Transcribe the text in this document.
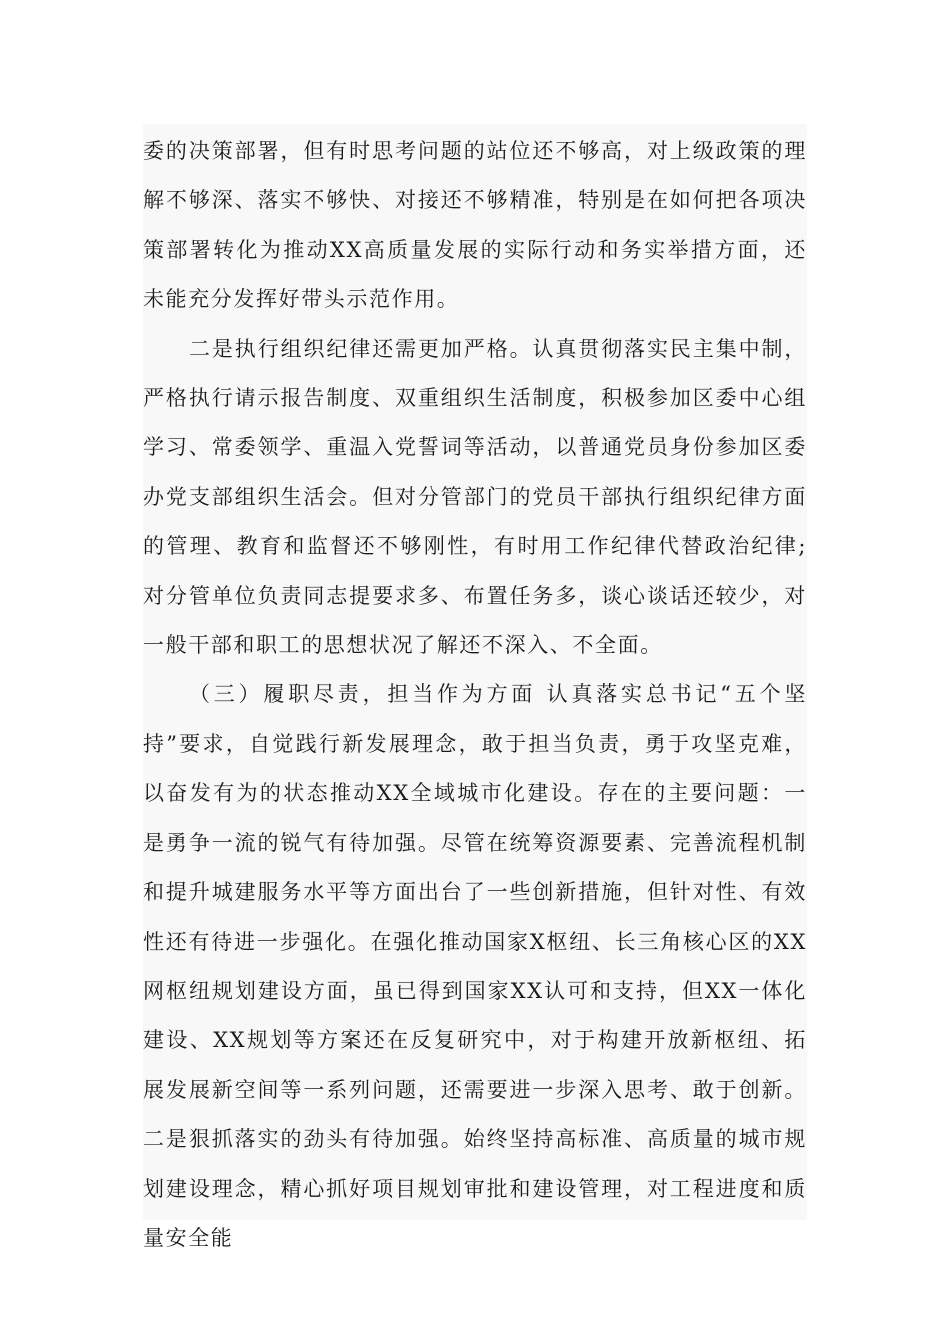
委的决策部署，但有时思考问题的站位还不够高，对上级政策的理解不够深、落实不够快、对接还不够精准，特别是在如何把各项决策部署转化为推动XX高质量发展的实际行动和务实举措方面，还未能充分发挥好带头示范作用。

二是执行组织纪律还需更加严格。认真贯彻落实民主集中制，严格执行请示报告制度、双重组织生活制度，积极参加区委中心组学习、常委领学、重温入党誓词等活动，以普通党员身份参加区委办党支部组织生活会。但对分管部门的党员干部执行组织纪律方面的管理、教育和监督还不够刚性，有时用工作纪律代替政治纪律;对分管单位负责同志提要求多、布置任务多，谈心谈话还较少，对一般干部和职工的思想状况了解还不深入、不全面。

（三）履职尽责，担当作为方面 认真落实总书记“五个坚持”要求，自觉践行新发展理念，敢于担当负责，勇于攻坚克难，以奋发有为的状态推动XX全域城市化建设。存在的主要问题：一是勇争一流的锐气有待加强。尽管在统筹资源要素、完善流程机制和提升城建服务水平等方面出台了一些创新措施，但针对性、有效性还有待进一步强化。在强化推动国家X枢纽、长三角核心区的XX网枢纽规划建设方面，虽已得到国家XX认可和支持，但XX一体化建设、XX规划等方案还在反复研究中，对于构建开放新枢纽、拓展发展新空间等一系列问题，还需要进一步深入思考、敢于创新。二是狠抓落实的劲头有待加强。始终坚持高标准、高质量的城市规划建设理念，精心抓好项目规划审批和建设管理，对工程进度和质量安全能
